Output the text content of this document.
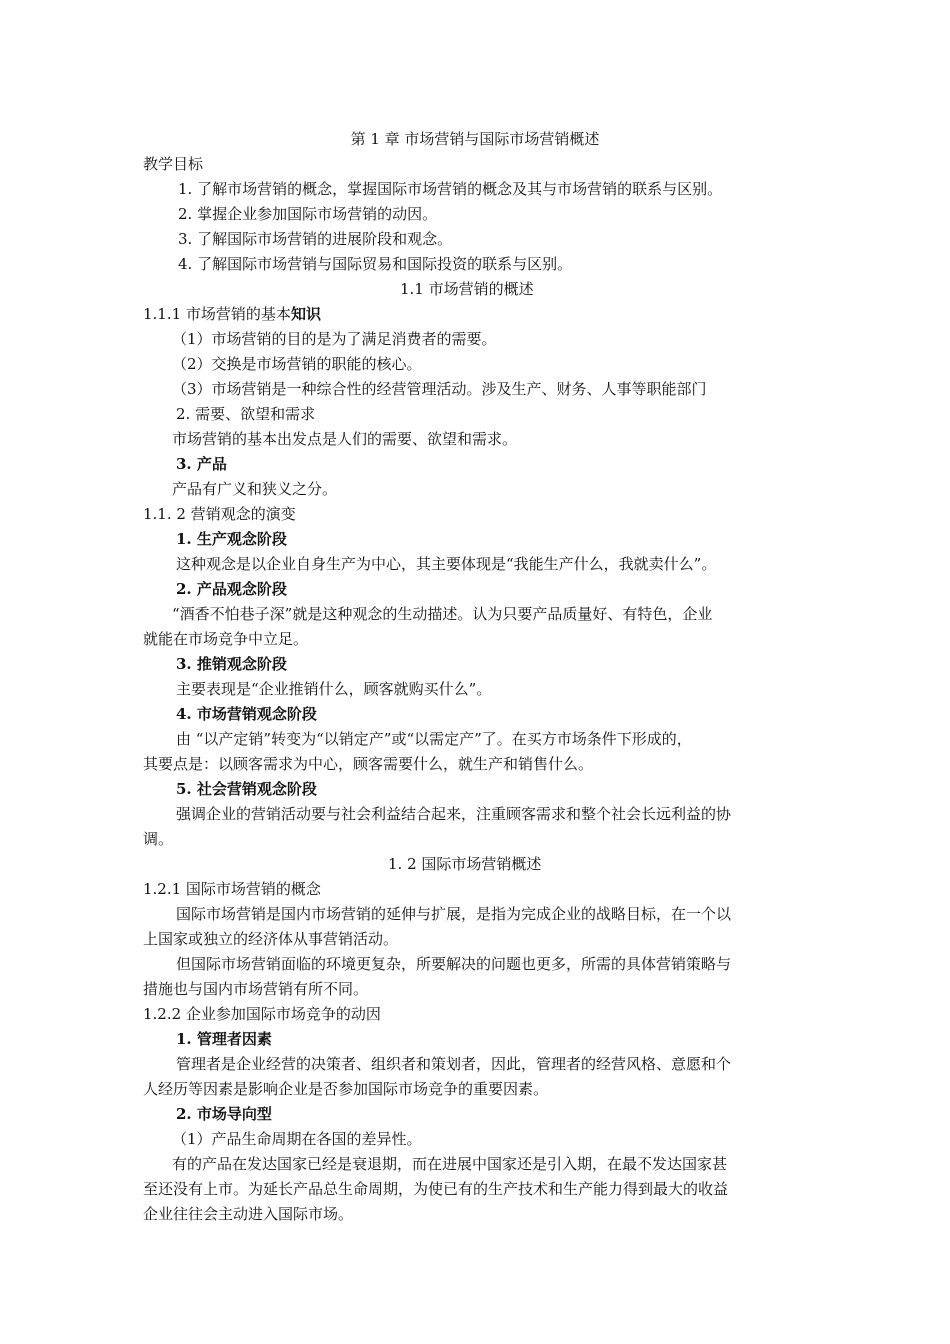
第 1 章 市场营销与国际市场营销概述
教学目标
1. 了解市场营销的概念，掌握国际市场营销的概念及其与市场营销的联系与区别。
2. 掌握企业参加国际市场营销的动因。
3. 了解国际市场营销的进展阶段和观念。
4. 了解国际市场营销与国际贸易和国际投资的联系与区别。
1.1 市场营销的概述
1.1.1 市场营销的基本知识
（1）市场营销的目的是为了满足消费者的需要。
（2）交换是市场营销的职能的核心。
（3）市场营销是一种综合性的经营管理活动。涉及生产、财务、人事等职能部门
2. 需要、欲望和需求
市场营销的基本出发点是人们的需要、欲望和需求。
3. 产品
产品有广义和狭义之分。
1.1. 2 营销观念的演变
1. 生产观念阶段
这种观念是以企业自身生产为中心，其主要体现是“我能生产什么，我就卖什么”。
2. 产品观念阶段
“酒香不怕巷子深”就是这种观念的生动描述。认为只要产品质量好、有特色，企业
就能在市场竞争中立足。
3. 推销观念阶段
主要表现是“企业推销什么，顾客就购买什么”。
4. 市场营销观念阶段
由 “以产定销”转变为“以销定产”或“以需定产”了。在买方市场条件下形成的，
其要点是：以顾客需求为中心，顾客需要什么，就生产和销售什么。
5. 社会营销观念阶段
强调企业的营销活动要与社会利益结合起来，注重顾客需求和整个社会长远利益的协
调。
1. 2 国际市场营销概述
1.2.1 国际市场营销的概念
国际市场营销是国内市场营销的延伸与扩展，是指为完成企业的战略目标，在一个以
上国家或独立的经济体从事营销活动。
但国际市场营销面临的环境更复杂，所要解决的问题也更多，所需的具体营销策略与
措施也与国内市场营销有所不同。
1.2.2 企业参加国际市场竞争的动因
1. 管理者因素
管理者是企业经营的决策者、组织者和策划者，因此，管理者的经营风格、意愿和个
人经历等因素是影响企业是否参加国际市场竞争的重要因素。
2. 市场导向型
（1）产品生命周期在各国的差异性。
有的产品在发达国家已经是衰退期，而在进展中国家还是引入期，在最不发达国家甚
至还没有上市。为延长产品总生命周期，为使已有的生产技术和生产能力得到最大的收益
企业往往会主动进入国际市场。
